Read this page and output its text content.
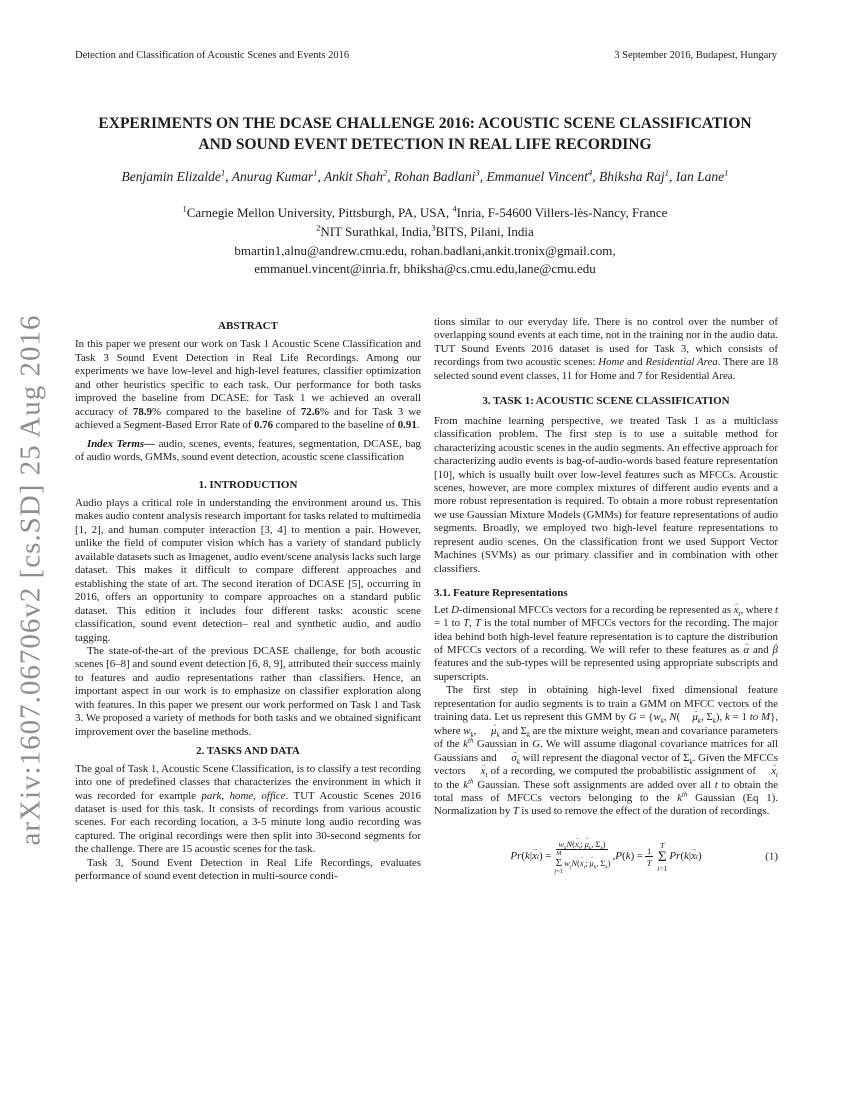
arXiv:1607.06706v2 [cs.SD] 25 Aug 2016
Detection and Classification of Acoustic Scenes and Events 2016	3 September 2016, Budapest, Hungary
EXPERIMENTS ON THE DCASE CHALLENGE 2016: ACOUSTIC SCENE CLASSIFICATION
AND SOUND EVENT DETECTION IN REAL LIFE RECORDING
Benjamin Elizalde$^1$, Anurag Kumar$^1$, Ankit Shah$^2$, Rohan Badlani$^3$, Emmanuel Vincent$^4$, Bhiksha Raj$^1$, Ian Lane$^1$
$^1$Carnegie Mellon University, Pittsburgh, PA, USA, $^4$Inria, F-54600 Villers-lès-Nancy, France
$^2$NIT Surathkal, India,$^3$BITS, Pilani, India
bmartin1,alnu@andrew.cmu.edu, rohan.badlani,ankit.tronix@gmail.com,
emmanuel.vincent@inria.fr, bhiksha@cs.cmu.edu,lane@cmu.edu
ABSTRACT

In this paper we present our work on Task 1 Acoustic Scene Classification and Task 3 Sound Event Detection in Real Life Recordings. Among our experiments we have low-level and high-level features, classifier optimization and other heuristics specific to each task. Our performance for both tasks improved the baseline from DCASE: for Task 1 we achieved an overall accuracy of 78.9% compared to the baseline of 72.6% and for Task 3 we achieved a Segment-Based Error Rate of 0.76 compared to the baseline of 0.91.

Index Terms— audio, scenes, events, features, segmentation, DCASE, bag of audio words, GMMs, sound event detection, acoustic scene classification

1. INTRODUCTION

Audio plays a critical role in understanding the environment around us. This makes audio content analysis research important for tasks related to multimedia [1, 2], and human computer interaction [3, 4] to mention a pair. However, unlike the field of computer vision which has a variety of standard publicly available datasets such as Imagenet, audio event/scene analysis lacks such large dataset. This makes it difficult to compare different approaches and establishing the state of art. The second iteration of DCASE [5], occurring in 2016, offers an opportunity to compare approaches on a standard public dataset. This edition it includes four different tasks: acoustic scene classification, sound event detection– real and synthetic audio, and audio tagging.

The state-of-the-art of the previous DCASE challenge, for both acoustic scenes [6–8] and sound event detection [6, 8, 9], attributed their success mainly to features and audio representations rather than classifiers. Hence, an important aspect in our work is to emphasize on classifier exploration along with features. In this paper we present our work performed on Task 1 and Task 3. We proposed a variety of methods for both tasks and we obtained significant improvement over the baseline methods.

2. TASKS AND DATA

The goal of Task 1, Acoustic Scene Classification, is to classify a test recording into one of predefined classes that characterizes the environment in which it was recorded for example park, home, office. TUT Acoustic Scenes 2016 dataset is used for this task. It consists of recordings from various acoustic scenes. For each recording location, a 3-5 minute long audio recording was captured. The original recordings were then split into 30-second segments for the challenge. There are 15 acoustic scenes for the task.

Task 3, Sound Event Detection in Real Life Recordings, evaluates performance of sound event detection in multi-source condi-

tions similar to our everyday life. There is no control over the number of overlapping sound events at each time, not in the training nor in the audio data. TUT Sound Events 2016 dataset is used for Task 3, which consists of recordings from two acoustic scenes: Home and Residential Area. There are 18 selected sound event classes, 11 for Home and 7 for Residential Area.

3. TASK 1: ACOUSTIC SCENE CLASSIFICATION

From machine learning perspective, we treated Task 1 as a multiclass classification problem. The first step is to use a suitable method for characterizing acoustic scenes in the audio segments. An effective approach for characterizing audio events is bag-of-audio-words based feature representation [10], which is usually built over low-level features such as MFCCs. Acoustic scenes, however, are more complex mixtures of different audio events and a more robust representation is required. To obtain a more robust representation we use Gaussian Mixture Models (GMMs) for feature representations of audio segments. Broadly, we employed two high-level feature representations to represent audio scenes. On the classification front we used Support Vector Machines (SVMs) as our primary classifier and in combination with other classifiers.

3.1. Feature Representations

Let D-dimensional MFCCs vectors for a recording be represented as $x \to_t$, where t = 1 to T, T is the total number of MFCCs vectors for the recording. The major idea behind both high-level feature representation is to capture the distribution of MFCCs vectors of a recording. We will refer to these features as α → and β → features and the sub-types will be represented using appropriate subscripts and superscripts.

The first step in obtaining high-level fixed dimensional feature representation for audio segments is to train a GMM on MFCC vectors of the training data. Let us represent this GMM by $G = \{w_k$, N( $\mu \to_k$, $\Sigma_k$), k = 1 to M}, where $w_k$, $\mu \to_k$ and $\Sigma_k$ are the mixture weight, mean and covariance parameters of the $k^{th}$ Gaussian in G. We will assume diagonal covariance matrices for all Gaussians and $\sigma \to_k$ will represent the diagonal vector of $\Sigma_k$. Given the MFCCs vectors $x \to_t$ of a recording, we computed the probabilistic assignment of $x \to_t$ to the $k^{th}$ Gaussian. These soft assignments are added over all t to obtain the total mass of MFCCs vectors belonging to the $k^{th}$ Gaussian (Eq 1). Normalization by T is used to remove the effect of the duration of recordings.

Pr ( k | x → t ) =
$w_kN(x \to_t$; $\mu \to_k$, $\Sigma_k$)
M
Σ
j=1
$w_jN(x \to_t$; $\mu \to_k$, $\Sigma_k$)
, P ( k ) = $\frac{1}{T}$ T
Σ
i=1
Pr ( k | x → t )	(1)
